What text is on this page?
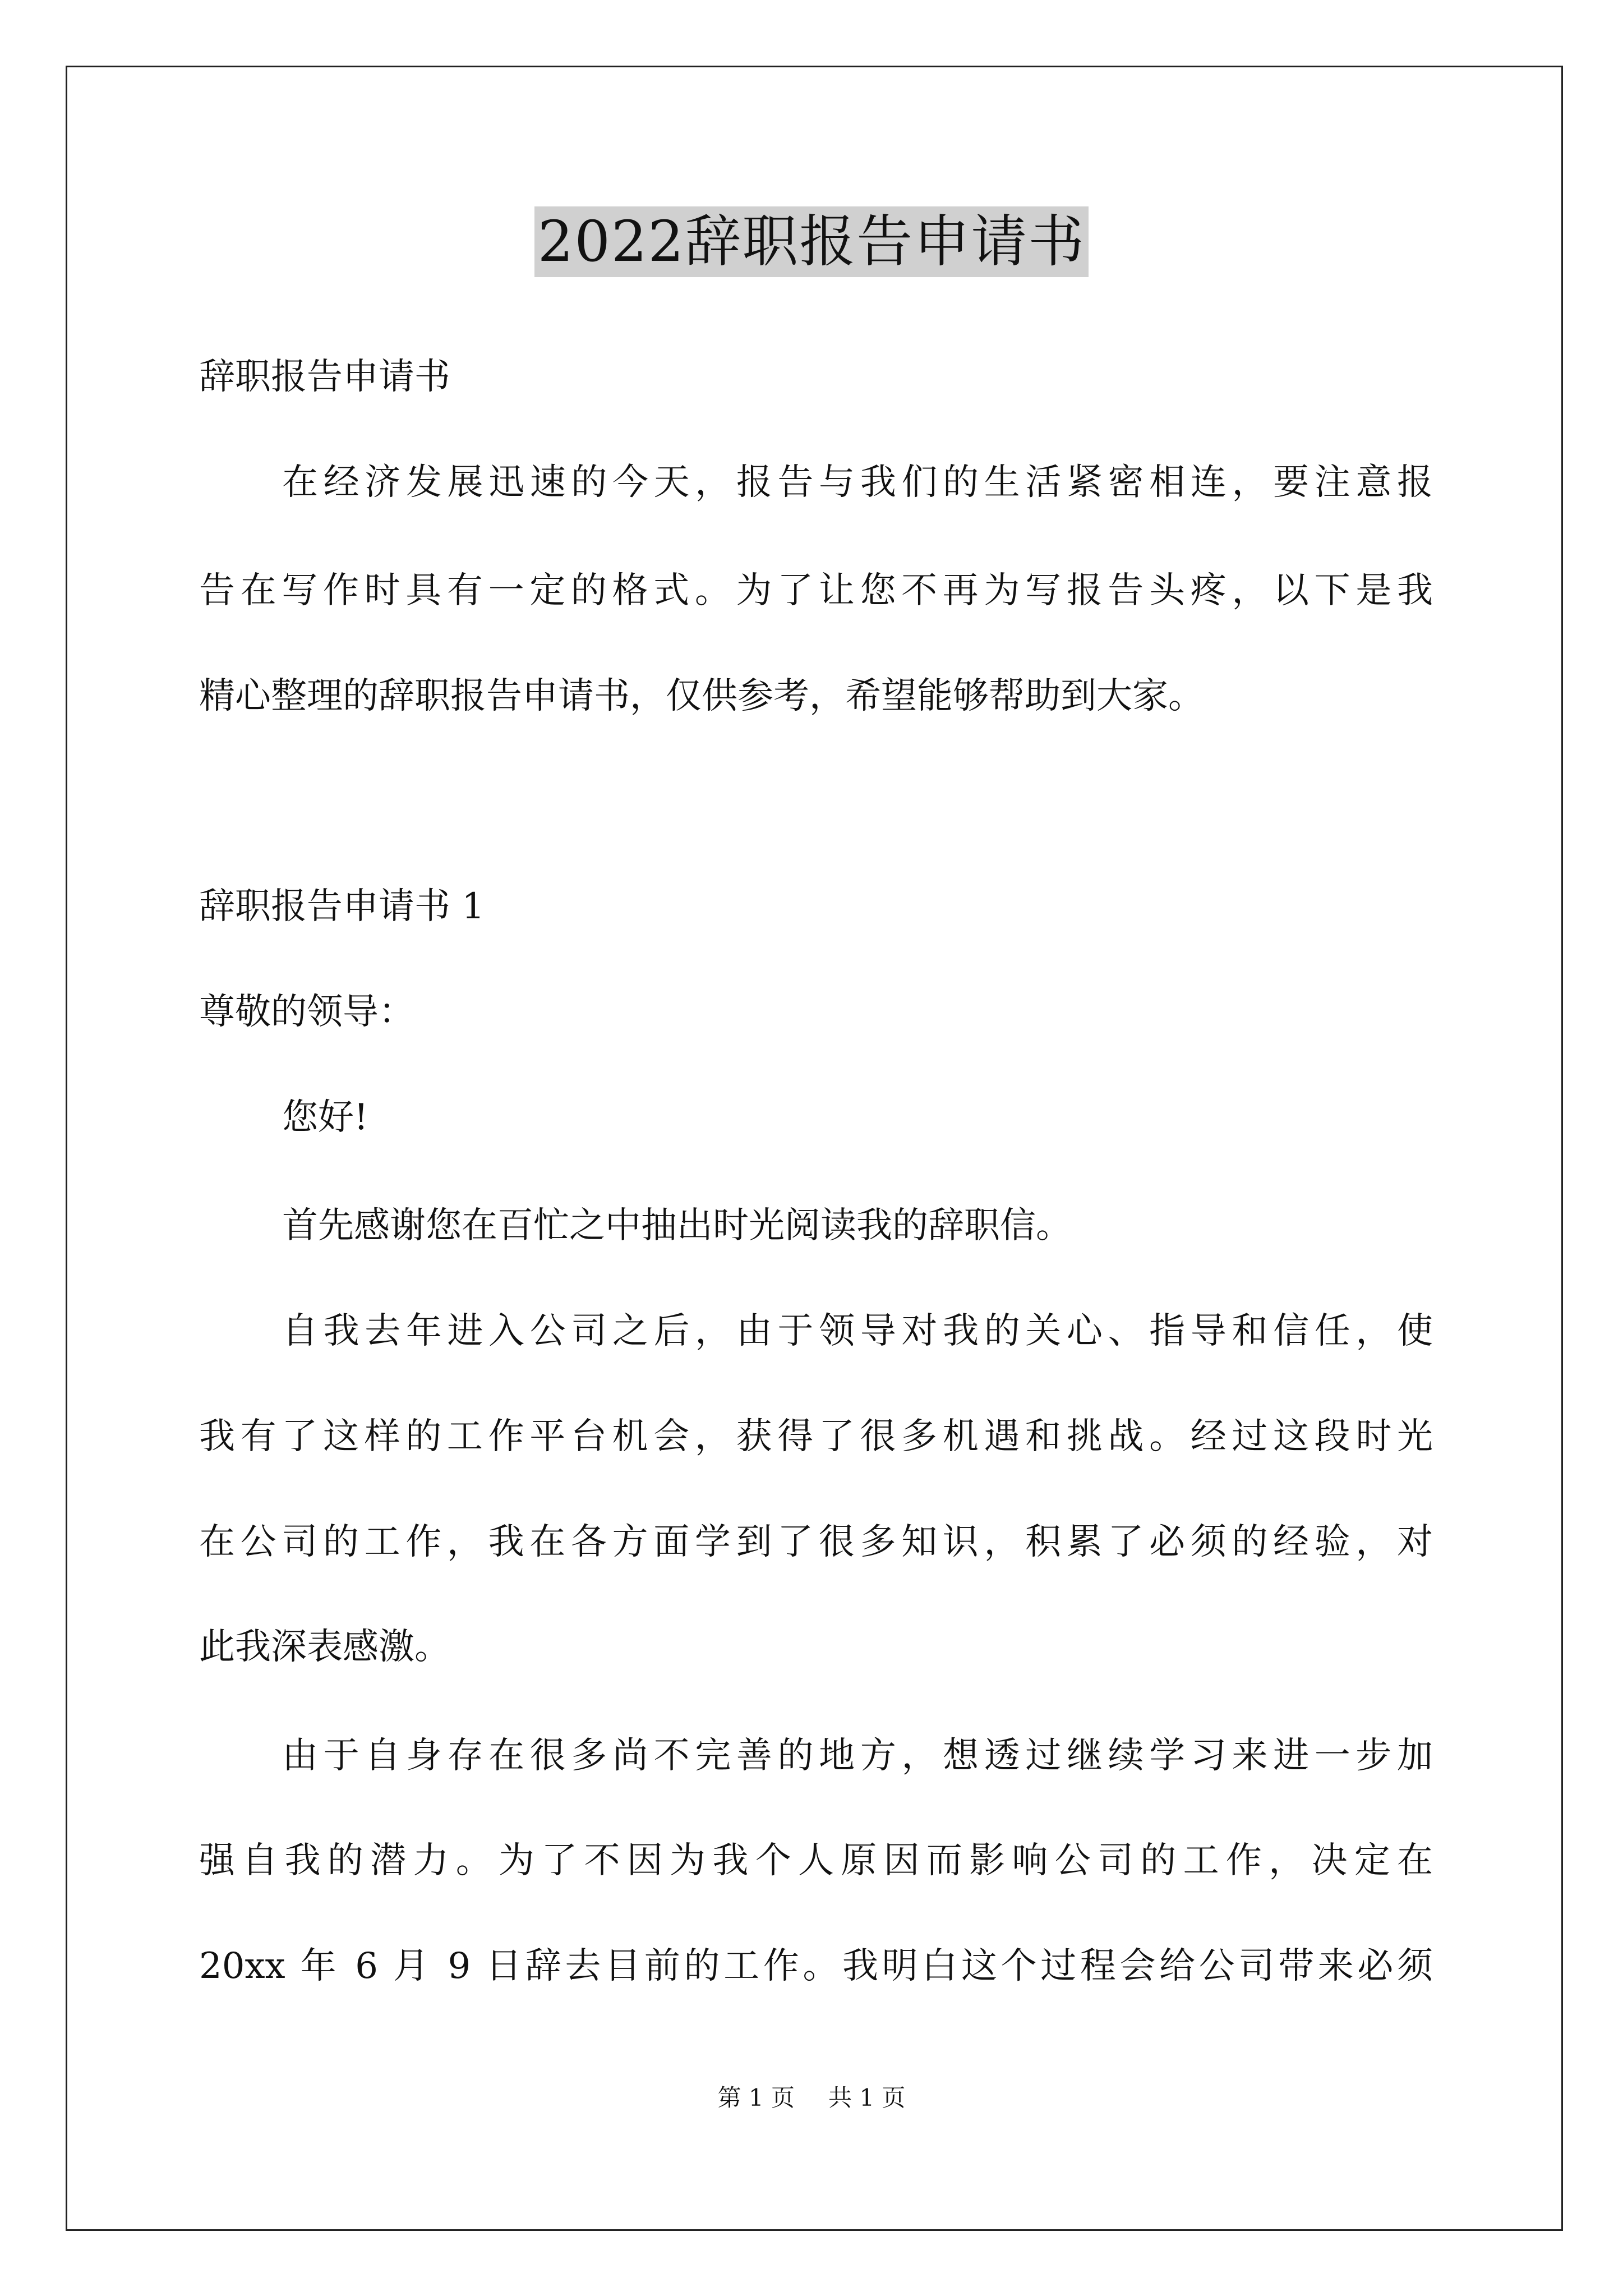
2022辞职报告申请书
辞职报告申请书
在经济发展迅速的今天，报告与我们的生活紧密相连，要注意报
告在写作时具有一定的格式。为了让您不再为写报告头疼，以下是我
精心整理的辞职报告申请书，仅供参考，希望能够帮助到大家。
辞职报告申请书 1
尊敬的领导：
您好!
首先感谢您在百忙之中抽出时光阅读我的辞职信。
自我去年进入公司之后，由于领导对我的关心、指导和信任，使
我有了这样的工作平台机会，获得了很多机遇和挑战。经过这段时光
在公司的工作，我在各方面学到了很多知识，积累了必须的经验，对
此我深表感激。
由于自身存在很多尚不完善的地方，想透过继续学习来进一步加
强自我的潜力。为了不因为我个人原因而影响公司的工作，决定在
20xx 年 6 月 9 日辞去目前的工作。我明白这个过程会给公司带来必须
第 1 页 共 1 页
